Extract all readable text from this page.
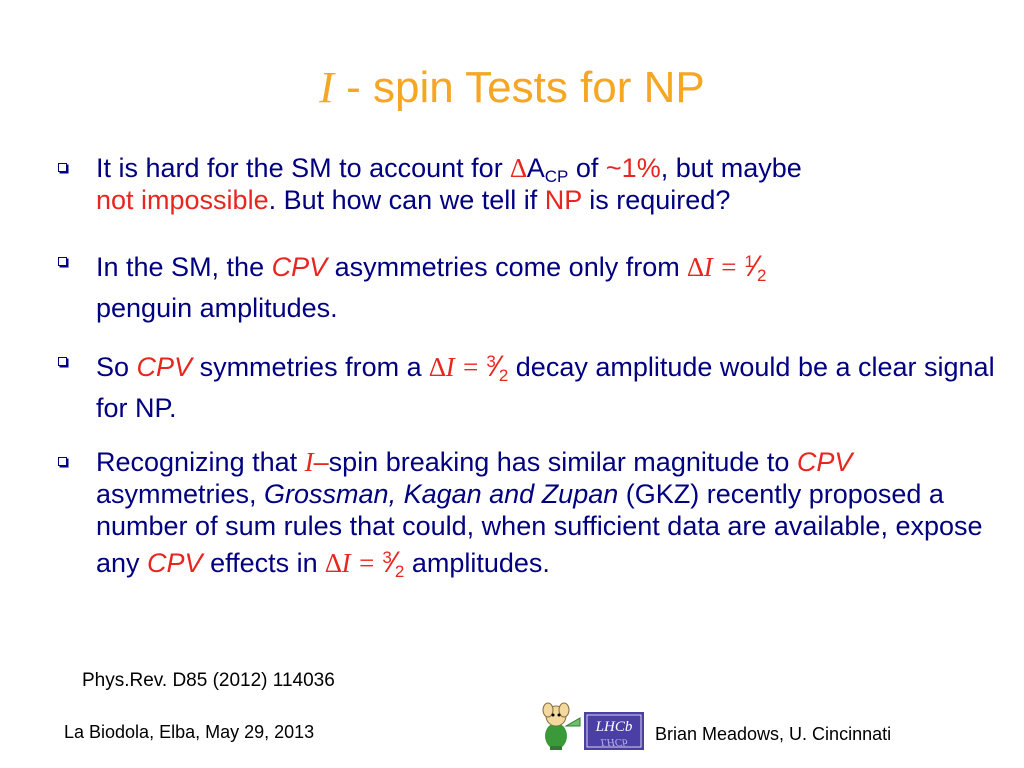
I - spin Tests for NP

It is hard for the SM to account for $\Delta A_{CP}$ of ~1%, but maybe
not impossible. But how can we tell if NP is required?

In the SM, the CPV asymmetries come only from ∆I = $^1$⁄2
penguin amplitudes.

So CPV symmetries from a ∆I = $^3$⁄2 decay amplitude would be a clear signal for NP.

Recognizing that I–spin breaking has similar magnitude to CPV asymmetries, Grossman, Kagan and Zupan (GKZ) recently proposed a number of sum rules that could, when sufficient data are available, expose any CPV effects in ∆I = $^3$⁄2 amplitudes.

Phys.Rev. D85 (2012) 114036
La Biodola, Elba, May 29, 2013	LHCb
LHCb Brian Meadows, U. Cincinnati
